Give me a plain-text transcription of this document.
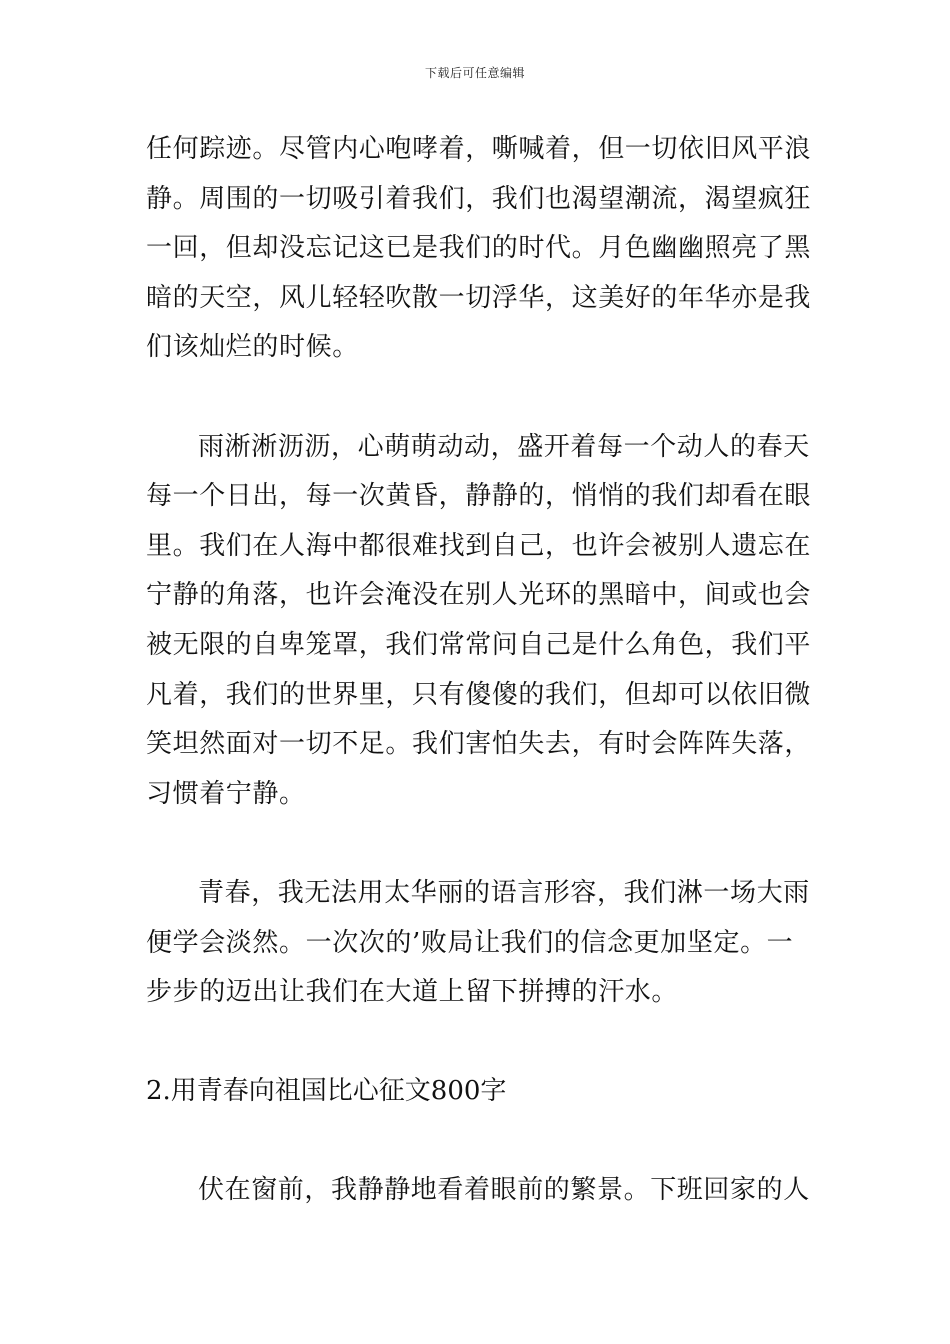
下载后可任意编辑
任何踪迹。尽管内心咆哮着，嘶喊着，但一切依旧风平浪
静。周围的一切吸引着我们，我们也渴望潮流，渴望疯狂
一回，但却没忘记这已是我们的时代。月色幽幽照亮了黑
暗的天空，风儿轻轻吹散一切浮华，这美好的年华亦是我
们该灿烂的时候。
雨淅淅沥沥，心萌萌动动，盛开着每一个动人的春天
每一个日出，每一次黄昏，静静的，悄悄的我们却看在眼
里。我们在人海中都很难找到自己，也许会被别人遗忘在
宁静的角落，也许会淹没在别人光环的黑暗中，间或也会
被无限的自卑笼罩，我们常常问自己是什么角色，我们平
凡着，我们的世界里，只有傻傻的我们，但却可以依旧微
笑坦然面对一切不足。我们害怕失去，有时会阵阵失落，
习惯着宁静。
青春，我无法用太华丽的语言形容，我们淋一场大雨
便学会淡然。一次次的’败局让我们的信念更加坚定。一
步步的迈出让我们在大道上留下拼搏的汗水。
2.用青春向祖国比心征文800字
伏在窗前，我静静地看着眼前的繁景。下班回家的人
